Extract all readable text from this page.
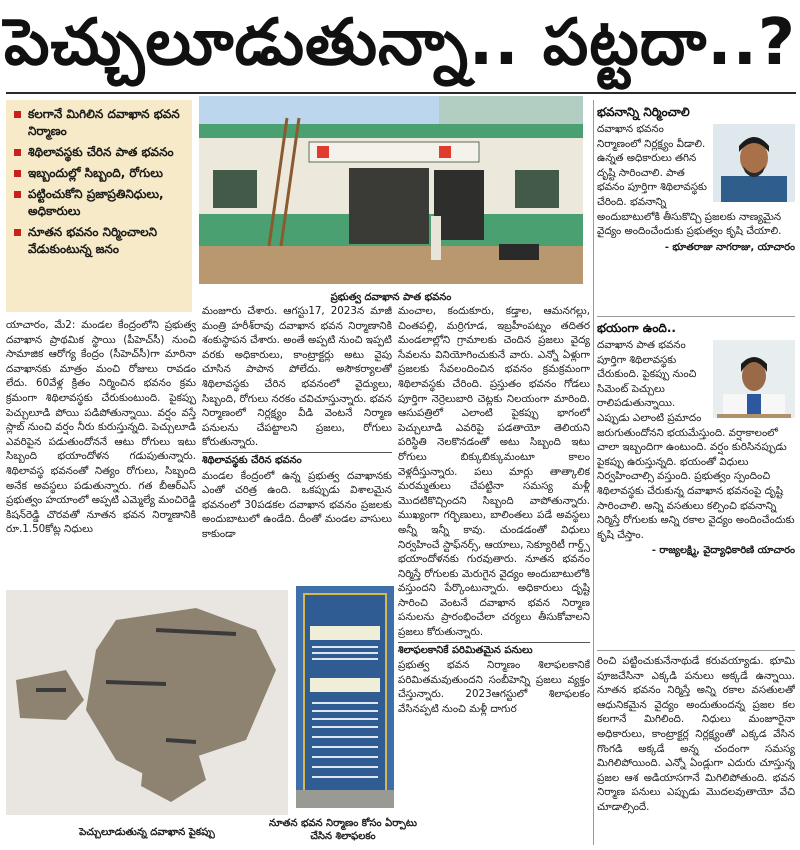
పెచ్చులూడుతున్నా.. పట్టదా..?
కలగానే మిగిలిన దవాఖాన భవన నిర్మాణం
శిథిలావస్థకు చేరిన పాత భవనం
ఇబ్బందుల్లో సిబ్బంది, రోగులు
పట్టించుకోని ప్రజాప్రతినిధులు, అధికారులు
నూతన భవనం నిర్మించాలని వేడుకుంటున్న జనం
ప్రభుత్వ దవాఖాన పాత భవనం
యాచారం, మే2: మండల కేంద్రంలోని ప్రభుత్వ దవాఖాన ప్రాథమిక స్థాయి (పీహెచ్‌సీ) నుంచి సామాజిక ఆరోగ్య కేంద్రం (సీహెచ్‌సీ)గా మారినా దవాఖానకు మాత్రం మంచి రోజులు రావడం లేదు. 60వేళ్ల క్రితం నిర్మించిన భవనం క్రమ క్రమంగా శిథిలావస్థకు చేరుకుంటుంది. పైకప్పు పెచ్చులూడి పోయి పడిపోతున్నాయి. వర్షం వస్తే స్లాబ్ నుంచి వర్షం నీరు కురుస్తున్నది. పెచ్చులూడి ఎవరిపైన పడుతుందోననే ఆటు రోగులు ఇటు సిబ్బంది భయాందోళన గడుపుతున్నారు. శిథిలావస్థ భవనంతో నిత్యం రోగులు, సిబ్బంది అనేక అవస్థలు పడుతున్నారు. గత బీఆర్‌ఎస్ ప్రభుత్వం హయాంలో అప్పటి ఎమ్మెల్యే మంచిరెడ్డి కిషన్‌రెడ్డి చొరవతో నూతన భవన నిర్మాణానికి రూ.1.50కోట్ల నిధులు
మంజూరు చేశారు. ఆగస్టు17, 2023న మాజీ మంత్రి హరీశ్‌రావు దవాఖాన భవన నిర్మాణానికి శంకుస్థాపన చేశారు. అంతే అప్పటి నుంచి ఇప్పటి వరకు అధికారులు, కాంట్రాక్టర్లు అటు వైపు చూసిన పాపాన పోలేదు. అసౌకర్యాలతో శిథిలావస్థకు చేరిన భవనంలో వైద్యులు, సిబ్బంది, రోగులు నరకం చవిచూస్తున్నారు. భవన నిర్మాణంలో నిర్లక్ష్యం వీడి వెంటనే నిర్మాణ పనులను చేపట్టాలని ప్రజలు, రోగులు కోరుతున్నారు.
శిథిలావస్థకు చేరిన భవనం
మండల కేంద్రంలో ఉన్న ప్రభుత్వ దవాఖానకు ఎంతో చరిత్ర ఉంది. ఒకప్పుడు విశాలమైన భవనంలో 30పడకల దవాఖాన భవనం ప్రజలకు అందుబాటులో ఉండేది. దీంతో మండల వాసులు కాకుండా
మంచాల, కందుకూరు, కడ్తాల, ఆమనగల్లు, చింతపల్లి, మర్రిగూడ, ఇబ్రహీంపట్నం తదితర మండలాల్లోని గ్రామాలకు చెందిన ప్రజలు వైద్య సేవలను వినియోగించుకునే వారు. ఎన్నో ఏళ్లుగా ప్రజలకు సేవలందించిన భవనం క్రమక్రమంగా శిథిలావస్థకు చేరింది. ప్రస్తుతం భవనం గోడలు పూర్తిగా నెర్రెలుబారి చెట్లకు నిలయంగా మారింది. ఆసుపత్రిలో ఎలాంటి పైకప్పు భాగంలో పెచ్చులూడి ఎవరిపై పడతాయో తెలియని పరిస్థితి నెలకొనడంతో అటు సిబ్బంది ఇటు రోగులు బిక్కుబిక్కుమంటూ కాలం వెళ్లదీస్తున్నారు. పలు మార్లు తాత్కాలిక మరమ్మతులు చేపట్టినా సమస్య మళ్లీ మొదటికొచ్చిందని సిబ్బంది వాపోతున్నారు. ముఖ్యంగా గర్భిణులు, బాలింతలు పడే అవస్థలు అన్నీ ఇన్నీ కావు. చుండడంతో విధులు నిర్వహించే స్టాఫ్‌నర్స్, ఆయాలు, సెక్యూరిటీ గార్డ్స్ భయాందోళనకు గురవుతారు. నూతన భవనం నిర్మిస్తే రోగులకు మెరుగైన వైద్యం అందుబాటులోకి వస్తుందని పేర్కొంటున్నారు. అధికారులు దృష్టి సారించి వెంటనే దవాఖాన భవన నిర్మాణ పనులను ప్రారంభించేలా చర్యలు తీసుకోవాలని ప్రజలు కోరుతున్నారు.
శిలాఫలకానికే పరిమితమైన పనులు
ప్రభుత్వ భవన నిర్మాణం శిలాఫలకానికే పరిమితమవుతుందని సంబీహెన్ని ప్రజలు వ్యక్తం చేస్తున్నారు. 2023ఆగస్టులో శిలాఫలకం వేసినప్పటి నుంచి మళ్లీ దాగుర
పెచ్చులూడుతున్న దవాఖాన పైకప్పు
నూతన భవన నిర్మాణం కోసం ఏర్పాటు
చేసిన శిలాఫలకం
భవనాన్ని నిర్మించాలి
దవాఖాన భవనం నిర్మాణంలో నిర్లక్ష్యం వీడాలి. ఉన్నత అధికారులు తగిన దృష్టి సారించాలి. పాత భవనం పూర్తిగా శిథిలావస్థకు చేరింది. భవనాన్ని అందుబాటులోకి తీసుకొచ్చి ప్రజలకు నాణ్యమైన వైద్యం అందించేందుకు ప్రభుత్వం కృషి చేయాలి.
- భూతరాజు నాగరాజు, యాచారం
భయంగా ఉంది..
దవాఖాన పాత భవనం పూర్తిగా శిథిలావస్థకు చేరుకుంది. పైకప్పు నుంచి సిమెంట్ పెచ్చులు రాలిపడుతున్నాయి. ఎప్పుడు ఎలాంటి ప్రమాదం జరుగుతుందోనని భయమేస్తుంది. వర్షాకాలంలో చాలా ఇబ్బందిగా ఉంటుంది. వర్షం కురిసినప్పుడు పైకప్పు ఉరుస్తున్నది. భయంతో విధులు నిర్వహించాల్సి వస్తుంది. ప్రభుత్వం స్పందించి శిథిలావస్థకు చేరుకున్న దవాఖాన భవనంపై దృష్టి సారించాలి. అన్ని వసతులు కల్పించి భవనాన్ని నిర్మిస్తే రోగులకు అన్ని రకాల వైద్యం అందించేందుకు కృషి చేస్తాం.
- రాజ్యలక్ష్మి, వైద్యాధికారిణి యాచారం
రించి పట్టించుకునేనాథుడే కరువయ్యాడు. భూమి పూజచేసినా ఎక్కడి పనులు అక్కడే ఉన్నాయి. నూతన భవనం నిర్మిస్తే అన్ని రకాల వసతులతో ఆధునికమైన వైద్యం అందుతుందన్న ప్రజల కల కలగానే మిగిలింది. నిధులు మంజూరైనా అధికారులు, కాంట్రాక్టర్ల నిర్లక్ష్యంతో ఎక్కడ వేసిన గొంగడి అక్కడే అన్న చందంగా సమస్య మిగిలిపోయింది. ఎన్నో ఏండ్లుగా ఎదురు చూస్తున్న ప్రజల ఆశ అడియాసగానే మిగిలిపోతుంది. భవన నిర్మాణ పనులు ఎప్పుడు మొదలవుతాయో వేచి చూడాల్సిందే.
